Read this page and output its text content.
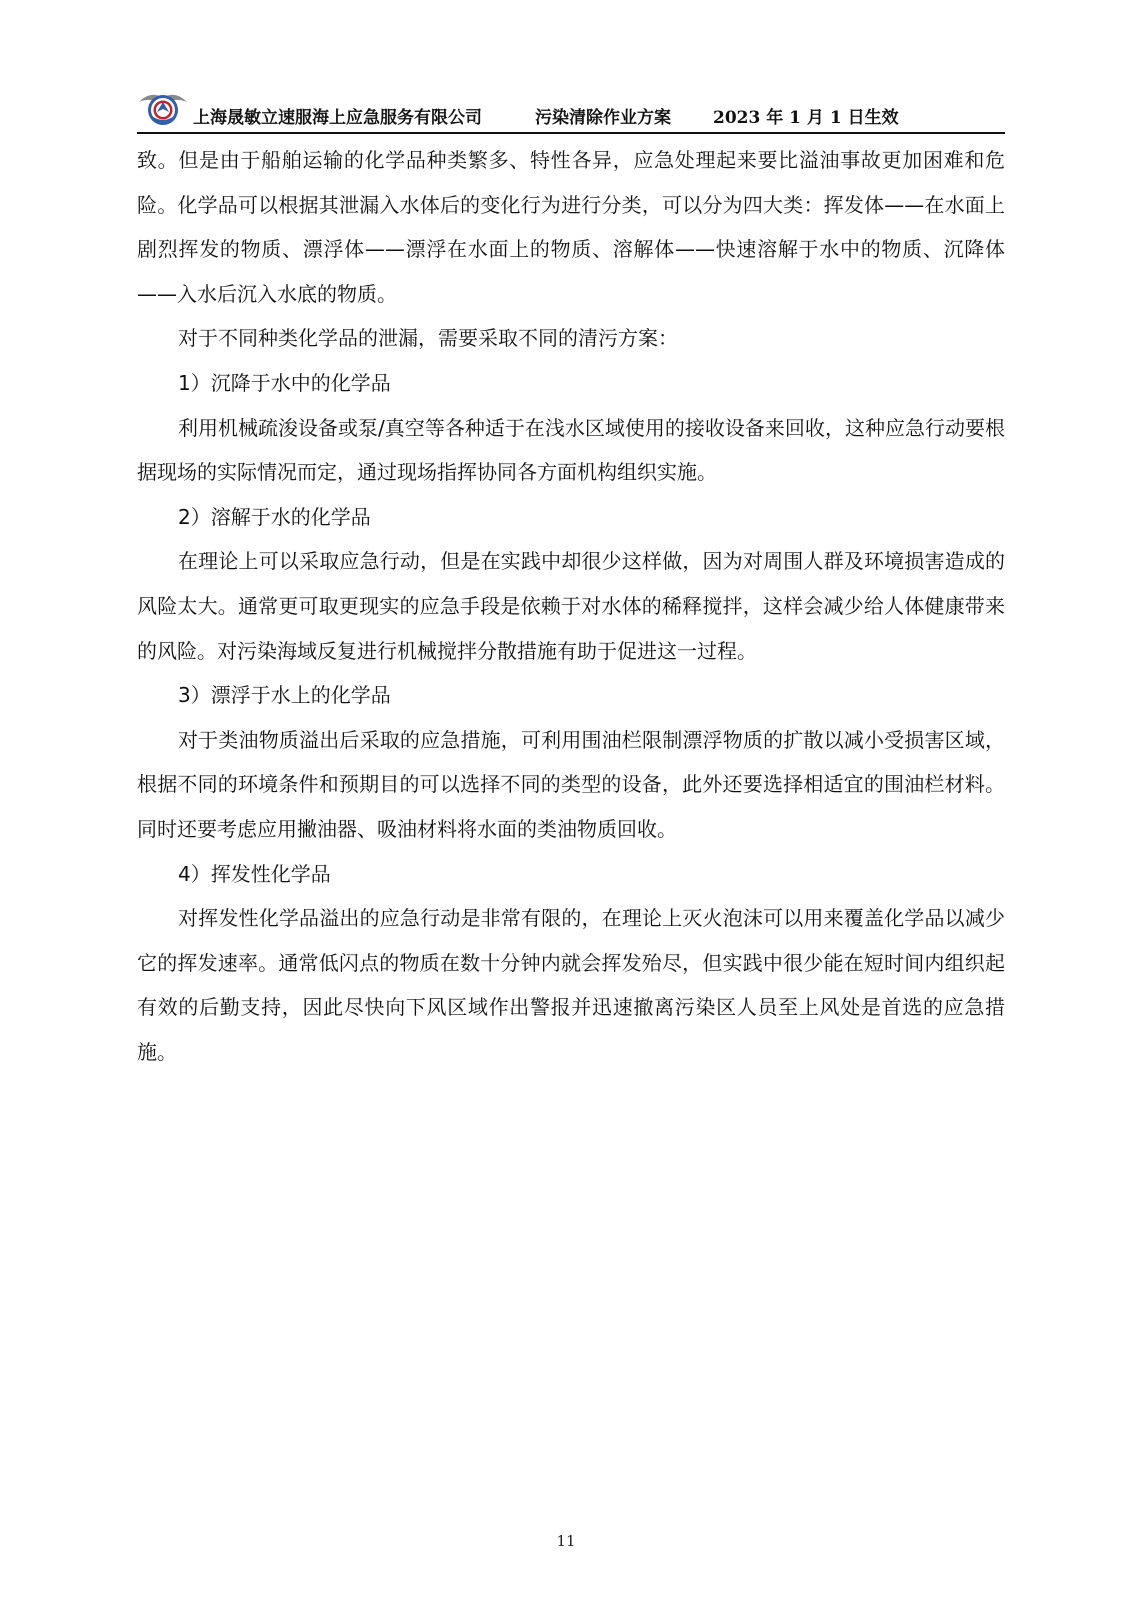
上海晟敏立速服海上应急服务有限公司	污染清除作业方案	2023 年 1 月 1 日生效

致。但是由于船舶运输的化学品种类繁多、特性各异，应急处理起来要比溢油事故更加困难和危险。化学品可以根据其泄漏入水体后的变化行为进行分类，可以分为四大类：挥发体——在水面上剧烈挥发的物质、漂浮体——漂浮在水面上的物质、溶解体——快速溶解于水中的物质、沉降体——入水后沉入水底的物质。

对于不同种类化学品的泄漏，需要采取不同的清污方案：

1）沉降于水中的化学品

利用机械疏浚设备或泵/真空等各种适于在浅水区域使用的接收设备来回收，这种应急行动要根据现场的实际情况而定，通过现场指挥协同各方面机构组织实施。

2）溶解于水的化学品

在理论上可以采取应急行动，但是在实践中却很少这样做，因为对周围人群及环境损害造成的风险太大。通常更可取更现实的应急手段是依赖于对水体的稀释搅拌，这样会减少给人体健康带来的风险。对污染海域反复进行机械搅拌分散措施有助于促进这一过程。

3）漂浮于水上的化学品

对于类油物质溢出后采取的应急措施，可利用围油栏限制漂浮物质的扩散以减小受损害区域，根据不同的环境条件和预期目的可以选择不同的类型的设备，此外还要选择相适宜的围油栏材料。同时还要考虑应用撇油器、吸油材料将水面的类油物质回收。

4）挥发性化学品

对挥发性化学品溢出的应急行动是非常有限的，在理论上灭火泡沫可以用来覆盖化学品以减少它的挥发速率。通常低闪点的物质在数十分钟内就会挥发殆尽，但实践中很少能在短时间内组织起有效的后勤支持，因此尽快向下风区域作出警报并迅速撤离污染区人员至上风处是首选的应急措施。

11
